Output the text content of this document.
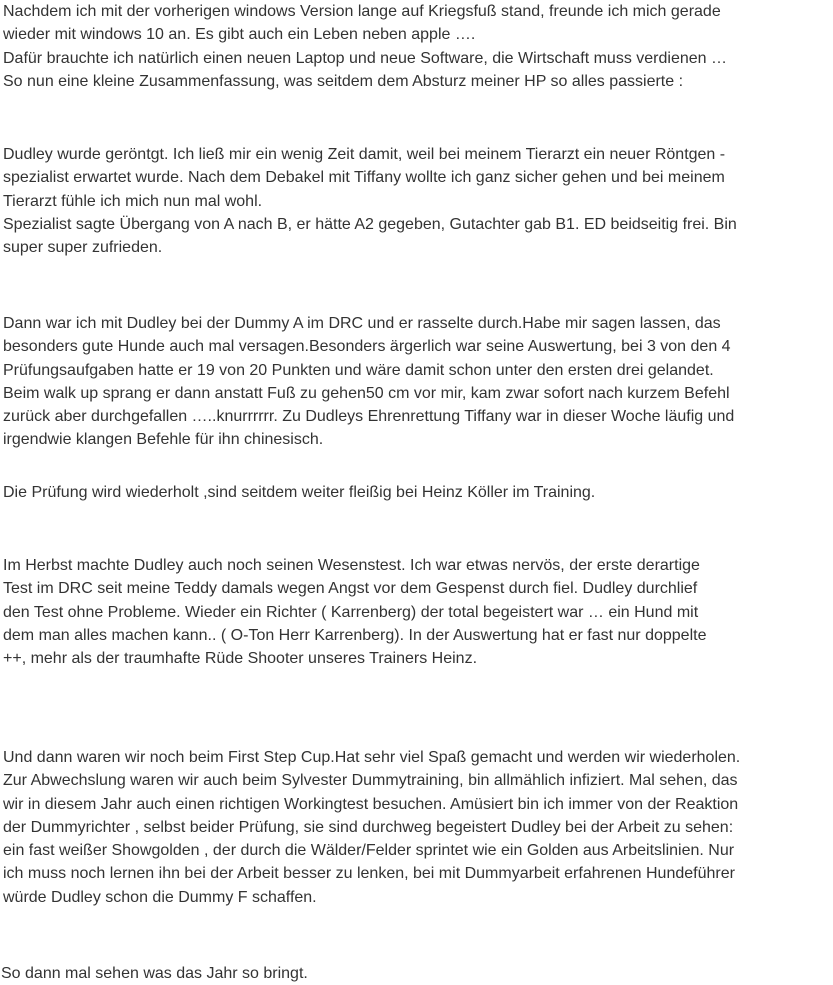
Nachdem ich mit der vorherigen windows Version lange auf Kriegsfuß stand, freunde ich mich gerade
wieder mit windows 10 an. Es gibt auch ein Leben neben apple ….
Dafür brauchte ich natürlich einen neuen Laptop und neue Software, die Wirtschaft muss verdienen …
So nun eine kleine Zusammenfassung, was seitdem dem Absturz meiner HP so alles passierte :
Dudley wurde geröntgt. Ich ließ mir ein wenig Zeit damit, weil bei meinem Tierarzt ein neuer Röntgen -
spezialist erwartet wurde. Nach dem Debakel mit Tiffany wollte ich ganz sicher gehen und bei meinem
Tierarzt fühle ich mich nun mal wohl.
Spezialist sagte Übergang von A nach B, er hätte A2 gegeben, Gutachter gab B1. ED beidseitig frei. Bin
super super zufrieden.
Dann war ich mit Dudley bei der Dummy A im DRC und er rasselte durch.Habe mir sagen lassen, das
besonders gute Hunde auch mal versagen.Besonders ärgerlich war seine Auswertung, bei 3 von den 4
Prüfungsaufgaben hatte er 19 von 20 Punkten und wäre damit schon unter den ersten drei gelandet.
Beim walk up sprang er dann anstatt Fuß zu gehen50 cm vor mir, kam zwar sofort nach kurzem Befehl
zurück aber durchgefallen …..knurrrrrr. Zu Dudleys Ehrenrettung Tiffany war in dieser Woche läufig und
irgendwie klangen Befehle für ihn chinesisch.
Die Prüfung wird wiederholt ,sind seitdem weiter fleißig bei Heinz Köller im Training.
Im Herbst machte Dudley auch noch seinen Wesenstest. Ich war etwas nervös, der erste derartige
Test im DRC seit meine Teddy damals wegen Angst vor dem Gespenst durch fiel. Dudley durchlief
den Test ohne Probleme. Wieder ein Richter ( Karrenberg) der total begeistert war … ein Hund mit
dem man alles machen kann.. ( O-Ton Herr Karrenberg). In der Auswertung hat er fast nur doppelte
++, mehr als der traumhafte Rüde Shooter unseres Trainers Heinz.
Und dann waren wir noch beim First Step Cup.Hat sehr viel Spaß gemacht und werden wir wiederholen.
Zur Abwechslung waren wir auch beim Sylvester Dummytraining, bin allmählich infiziert. Mal sehen, das
wir in diesem Jahr auch einen richtigen Workingtest besuchen. Amüsiert bin ich immer von der Reaktion
der Dummyrichter , selbst beider Prüfung, sie sind durchweg begeistert Dudley bei der Arbeit zu sehen:
ein fast weißer Showgolden , der durch die Wälder/Felder sprintet wie ein Golden aus Arbeitslinien. Nur
ich muss noch lernen ihn bei der Arbeit besser zu lenken, bei mit Dummyarbeit erfahrenen Hundeführer
würde Dudley schon die Dummy F schaffen.
So dann mal sehen was das Jahr so bringt.
